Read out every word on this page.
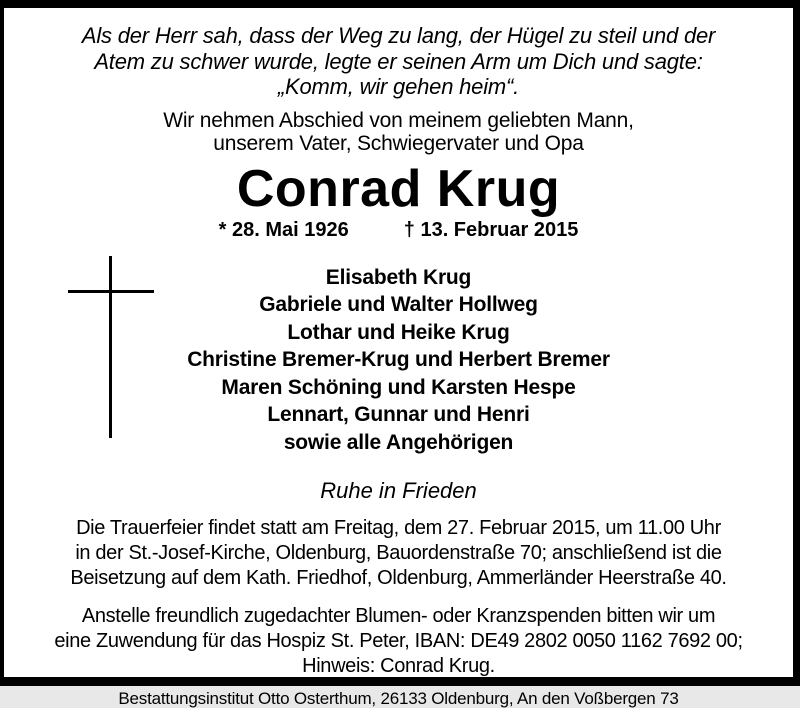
Als der Herr sah, dass der Weg zu lang, der Hügel zu steil und der
Atem zu schwer wurde, legte er seinen Arm um Dich und sagte:
„Komm, wir gehen heim“.
Wir nehmen Abschied von meinem geliebten Mann,
unserem Vater, Schwiegervater und Opa
Conrad Krug
* 28. Mai 1926	† 13. Februar 2015
Elisabeth Krug
Gabriele und Walter Hollweg
Lothar und Heike Krug
Christine Bremer-Krug und Herbert Bremer
Maren Schöning und Karsten Hespe
Lennart, Gunnar und Henri
sowie alle Angehörigen
Ruhe in Frieden
Die Trauerfeier findet statt am Freitag, dem 27. Februar 2015, um 11.00 Uhr
in der St.-Josef-Kirche, Oldenburg, Bauordenstraße 70; anschließend ist die
Beisetzung auf dem Kath. Friedhof, Oldenburg, Ammerländer Heerstraße 40.
Anstelle freundlich zugedachter Blumen- oder Kranzspenden bitten wir um
eine Zuwendung für das Hospiz St. Peter, IBAN: DE49 2802 0050 1162 7692 00;
Hinweis: Conrad Krug.
Bestattungsinstitut Otto Osterthum, 26133 Oldenburg, An den Voßbergen 73
